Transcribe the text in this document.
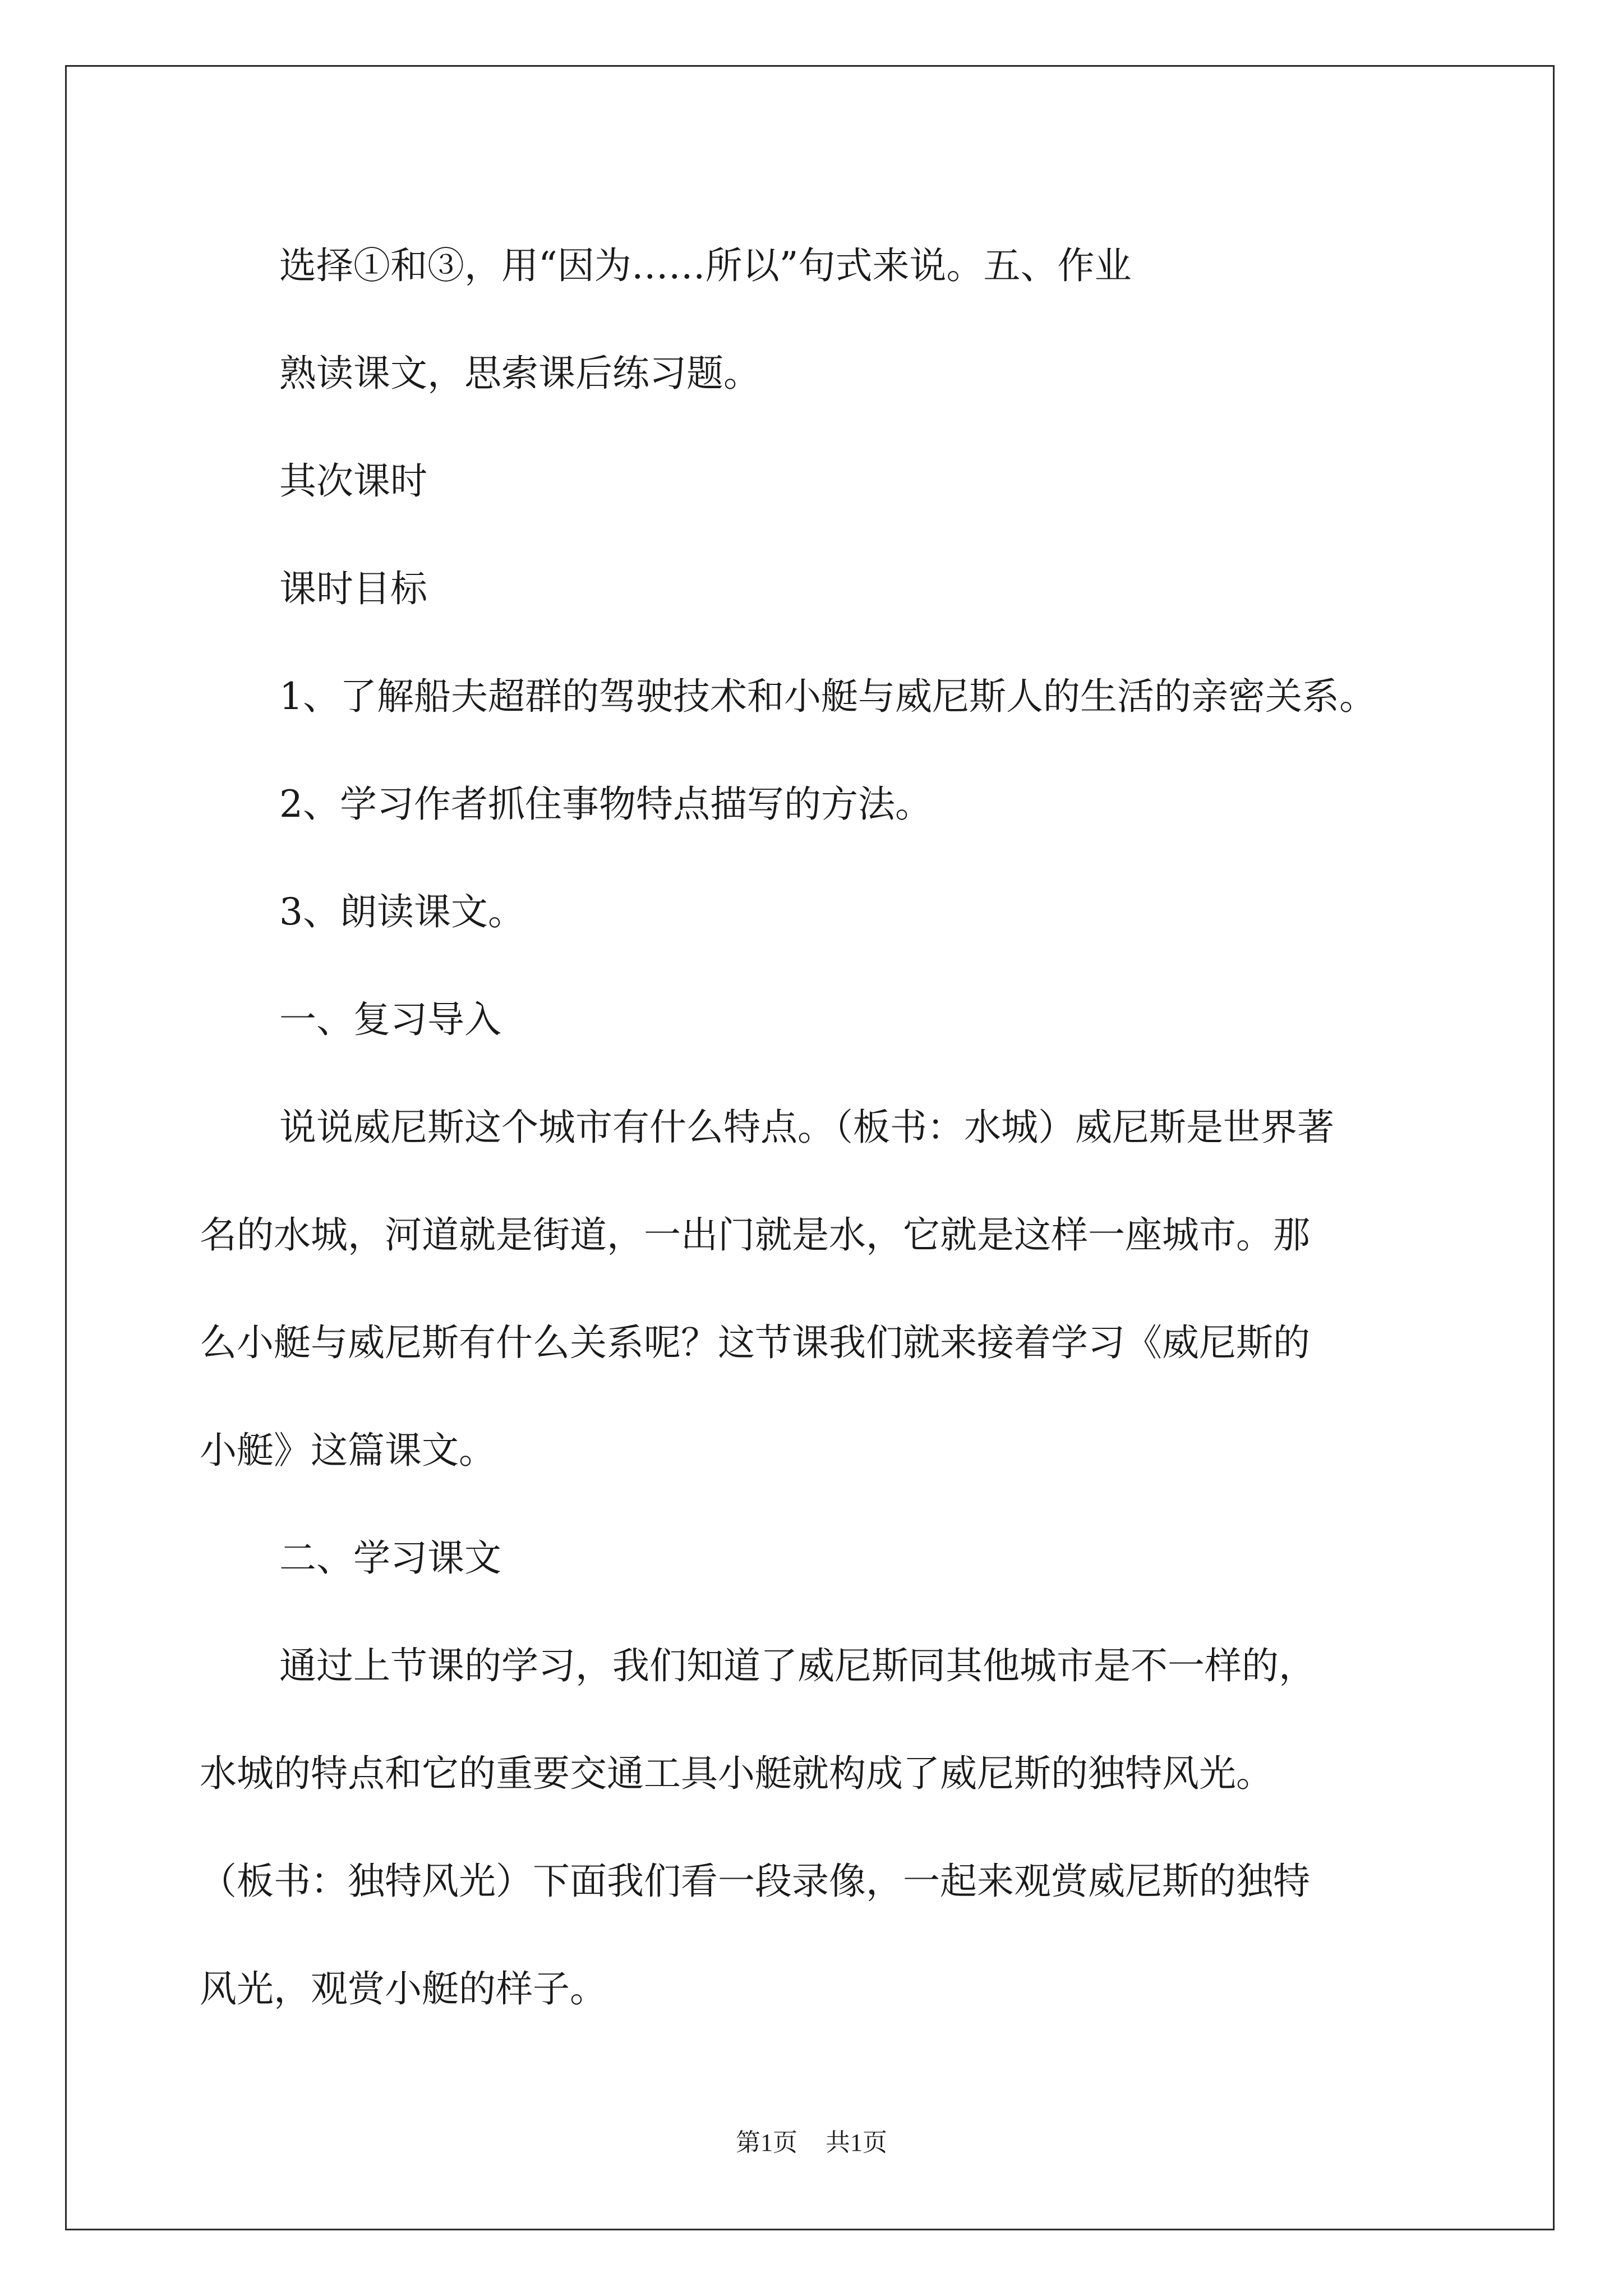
选择①和③，用“因为……所以”句式来说。五、作业

熟读课文，思索课后练习题。

其次课时

课时目标

1、了解船夫超群的驾驶技术和小艇与威尼斯人的生活的亲密关系。

2、学习作者抓住事物特点描写的方法。

3、朗读课文。

一、复习导入

说说威尼斯这个城市有什么特点。（板书：水城）威尼斯是世界著

名的水城，河道就是街道，一出门就是水，它就是这样一座城市。那

么小艇与威尼斯有什么关系呢？这节课我们就来接着学习《威尼斯的

小艇》这篇课文。

二、学习课文

通过上节课的学习，我们知道了威尼斯同其他城市是不一样的，

水城的特点和它的重要交通工具小艇就构成了威尼斯的独特风光。

（板书：独特风光）下面我们看一段录像，一起来观赏威尼斯的独特

风光，观赏小艇的样子。

第1页 共1页
